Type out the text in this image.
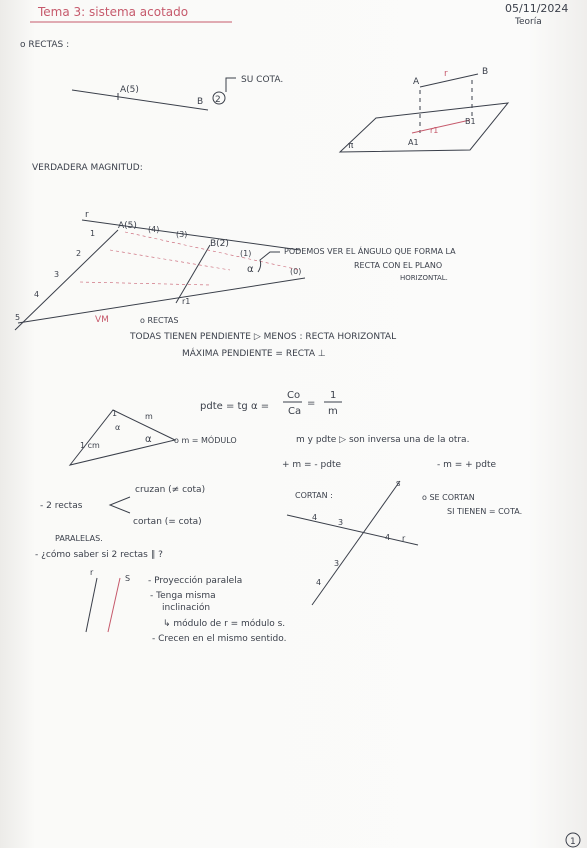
Tema 3: sistema acotado	05/11/2024
Teoría
o RECTAS :
A(5)
B 2
SU COTA.
π
A
B
r
r1
A1
B1
VERDADERA MAGNITUD:
r
A(5)
B(2)
(4)
(3)
(1)
(0)
1
2
3
4
5
r1
α
PODEMOS VER EL ÁNGULO QUE FORMA LA
RECTA CON EL PLANO
HORIZONTAL.
VM	o RECTAS
TODAS TIENEN PENDIENTE ▷ MENOS : RECTA HORIZONTAL
MÁXIMA PENDIENTE = RECTA ⊥
pdte = tg α =
Co
Ca
=
1
m
1	m
1 cm
α
α	o m = MÓDULO	m y pdte ▷ son inversa una de la otra.
+ m = - pdte	- m = + pdte
cruzan (≠ cota)
- 2 rectas
cortan (= cota)
CORTAN :
4
3
4 r
3
4
S
o SE CORTAN
SI TIENEN = COTA.
PARALELAS.
- ¿cómo saber si 2 rectas ∥ ?
r
S - Proyección paralela
- Tenga misma
inclinación
↳ módulo de r = módulo s.
- Crecen en el mismo sentido.
1
